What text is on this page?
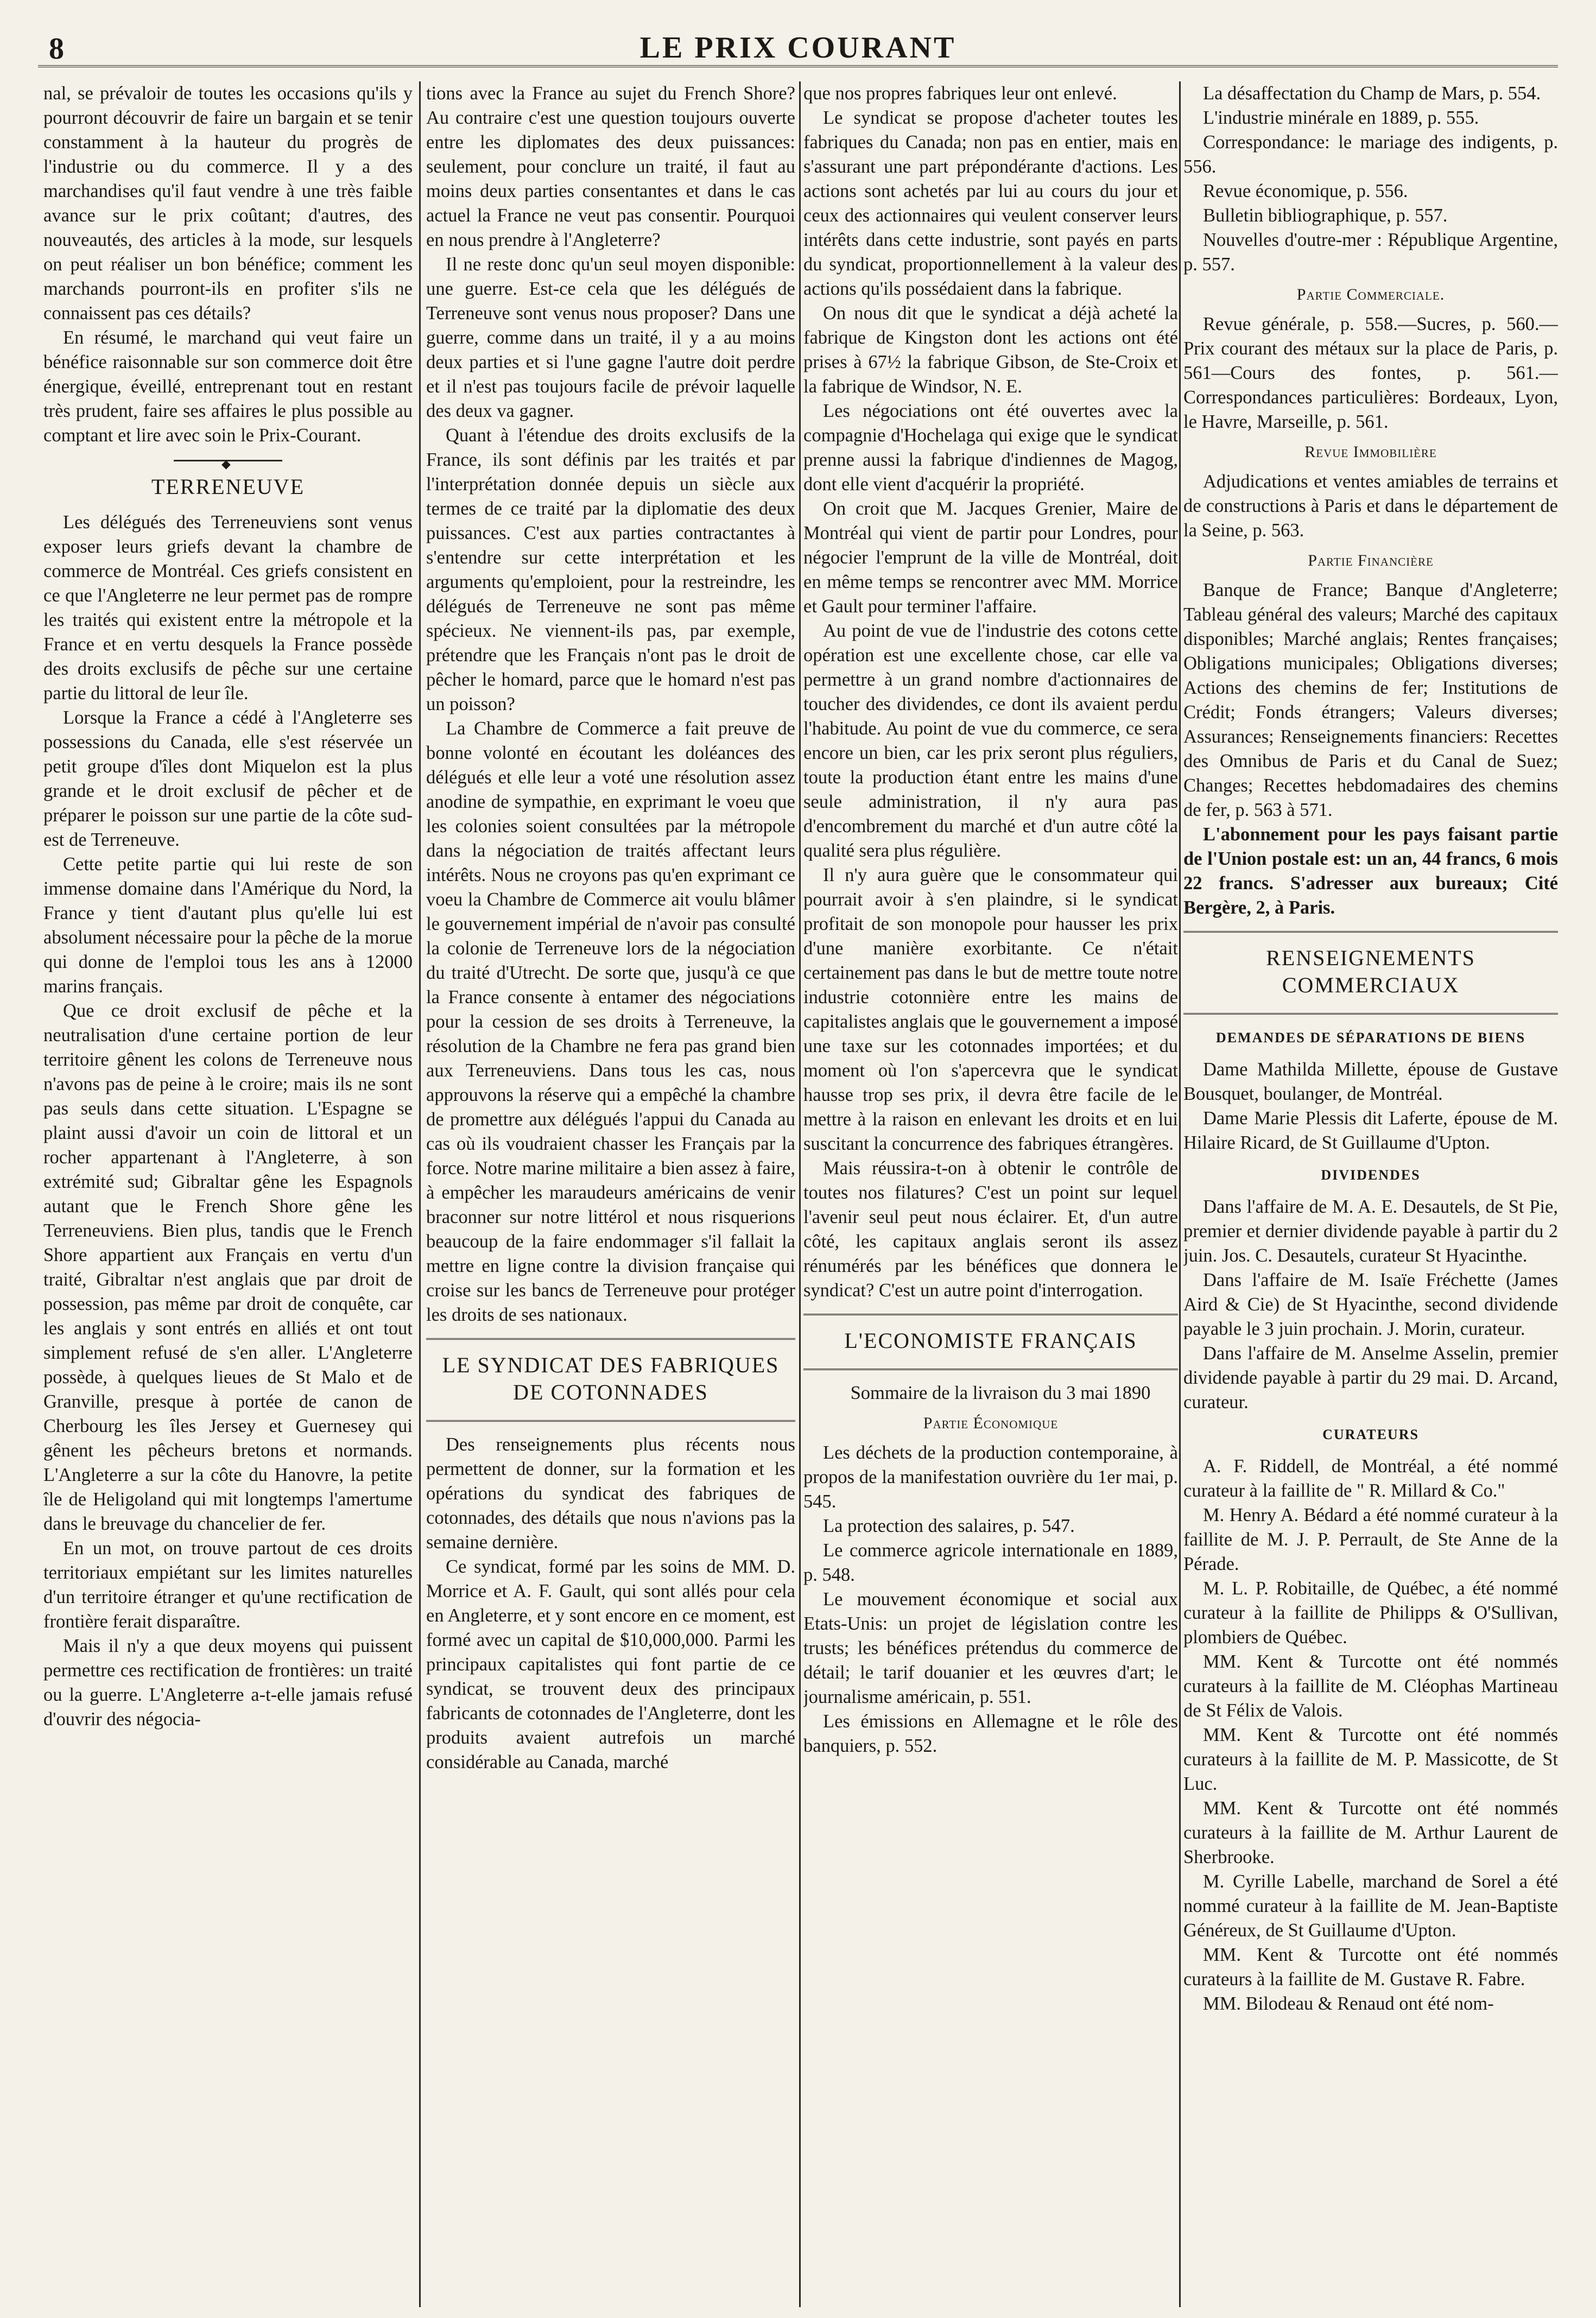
8	LE PRIX COURANT

nal, se prévaloir de toutes les occasions qu'ils y pourront découvrir de faire un bargain et se tenir constamment à la hauteur du progrès de l'industrie ou du commerce. Il y a des marchandises qu'il faut vendre à une très faible avance sur le prix coûtant; d'autres, des nouveautés, des articles à la mode, sur lesquels on peut réaliser un bon bénéfice; comment les marchands pourront-ils en profiter s'ils ne connaissent pas ces détails?

En résumé, le marchand qui veut faire un bénéfice raisonnable sur son commerce doit être énergique, éveillé, entreprenant tout en restant très prudent, faire ses affaires le plus possible au comptant et lire avec soin le Prix-Courant.

◆
TERRENEUVE

Les délégués des Terreneuviens sont venus exposer leurs griefs devant la chambre de commerce de Montréal. Ces griefs consistent en ce que l'Angleterre ne leur permet pas de rompre les traités qui existent entre la métropole et la France et en vertu desquels la France possède des droits exclusifs de pêche sur une certaine partie du littoral de leur île.

Lorsque la France a cédé à l'Angleterre ses possessions du Canada, elle s'est réservée un petit groupe d'îles dont Miquelon est la plus grande et le droit exclusif de pêcher et de préparer le poisson sur une partie de la côte sud-est de Terreneuve.

Cette petite partie qui lui reste de son immense domaine dans l'Amérique du Nord, la France y tient d'autant plus qu'elle lui est absolument nécessaire pour la pêche de la morue qui donne de l'emploi tous les ans à 12000 marins français.

Que ce droit exclusif de pêche et la neutralisation d'une certaine portion de leur territoire gênent les colons de Terreneuve nous n'avons pas de peine à le croire; mais ils ne sont pas seuls dans cette situation. L'Espagne se plaint aussi d'avoir un coin de littoral et un rocher appartenant à l'Angleterre, à son extrémité sud; Gibraltar gêne les Espagnols autant que le French Shore gêne les Terreneuviens. Bien plus, tandis que le French Shore appartient aux Français en vertu d'un traité, Gibraltar n'est anglais que par droit de possession, pas même par droit de conquête, car les anglais y sont entrés en alliés et ont tout simplement refusé de s'en aller. L'Angleterre possède, à quelques lieues de St Malo et de Granville, presque à portée de canon de Cherbourg les îles Jersey et Guernesey qui gênent les pêcheurs bretons et normands. L'Angleterre a sur la côte du Hanovre, la petite île de Heligoland qui mit longtemps l'amertume dans le breuvage du chancelier de fer.

En un mot, on trouve partout de ces droits territoriaux empiétant sur les limites naturelles d'un territoire étranger et qu'une rectification de frontière ferait disparaître.

Mais il n'y a que deux moyens qui puissent permettre ces rectification de frontières: un traité ou la guerre. L'Angleterre a-t-elle jamais refusé d'ouvrir des négocia-

tions avec la France au sujet du French Shore? Au contraire c'est une question toujours ouverte entre les diplomates des deux puissances: seulement, pour conclure un traité, il faut au moins deux parties consentantes et dans le cas actuel la France ne veut pas consentir. Pourquoi en nous prendre à l'Angleterre?

Il ne reste donc qu'un seul moyen disponible: une guerre. Est-ce cela que les délégués de Terreneuve sont venus nous proposer? Dans une guerre, comme dans un traité, il y a au moins deux parties et si l'une gagne l'autre doit perdre et il n'est pas toujours facile de prévoir laquelle des deux va gagner.

Quant à l'étendue des droits exclusifs de la France, ils sont définis par les traités et par l'interprétation donnée depuis un siècle aux termes de ce traité par la diplomatie des deux puissances. C'est aux parties contractantes à s'entendre sur cette interprétation et les arguments qu'emploient, pour la restreindre, les délégués de Terreneuve ne sont pas même spécieux. Ne viennent-ils pas, par exemple, prétendre que les Français n'ont pas le droit de pêcher le homard, parce que le homard n'est pas un poisson?

La Chambre de Commerce a fait preuve de bonne volonté en écoutant les doléances des délégués et elle leur a voté une résolution assez anodine de sympathie, en exprimant le voeu que les colonies soient consultées par la métropole dans la négociation de traités affectant leurs intérêts. Nous ne croyons pas qu'en exprimant ce voeu la Chambre de Commerce ait voulu blâmer le gouvernement impérial de n'avoir pas consulté la colonie de Terreneuve lors de la négociation du traité d'Utrecht. De sorte que, jusqu'à ce que la France consente à entamer des négociations pour la cession de ses droits à Terreneuve, la résolution de la Chambre ne fera pas grand bien aux Terreneuviens. Dans tous les cas, nous approuvons la réserve qui a empêché la chambre de promettre aux délégués l'appui du Canada au cas où ils voudraient chasser les Français par la force. Notre marine militaire a bien assez à faire, à empêcher les maraudeurs américains de venir braconner sur notre littérol et nous risquerions beaucoup de la faire endommager s'il fallait la mettre en ligne contre la division française qui croise sur les bancs de Terreneuve pour protéger les droits de ses nationaux.

LE SYNDICAT DES FABRIQUES DE COTONNADES

Des renseignements plus récents nous permettent de donner, sur la formation et les opérations du syndicat des fabriques de cotonnades, des détails que nous n'avions pas la semaine dernière.

Ce syndicat, formé par les soins de MM. D. Morrice et A. F. Gault, qui sont allés pour cela en Angleterre, et y sont encore en ce moment, est formé avec un capital de $10,000,000. Parmi les principaux capitalistes qui font partie de ce syndicat, se trouvent deux des principaux fabricants de cotonnades de l'Angleterre, dont les produits avaient autrefois un marché considérable au Canada, marché

que nos propres fabriques leur ont enlevé.

Le syndicat se propose d'acheter toutes les fabriques du Canada; non pas en entier, mais en s'assurant une part prépondérante d'actions. Les actions sont achetés par lui au cours du jour et ceux des actionnaires qui veulent conserver leurs intérêts dans cette industrie, sont payés en parts du syndicat, proportionnellement à la valeur des actions qu'ils possédaient dans la fabrique.

On nous dit que le syndicat a déjà acheté la fabrique de Kingston dont les actions ont été prises à 67½ la fabrique Gibson, de Ste-Croix et la fabrique de Windsor, N. E.

Les négociations ont été ouvertes avec la compagnie d'Hochelaga qui exige que le syndicat prenne aussi la fabrique d'indiennes de Magog, dont elle vient d'acquérir la propriété.

On croit que M. Jacques Grenier, Maire de Montréal qui vient de partir pour Londres, pour négocier l'emprunt de la ville de Montréal, doit en même temps se rencontrer avec MM. Morrice et Gault pour terminer l'affaire.

Au point de vue de l'industrie des cotons cette opération est une excellente chose, car elle va permettre à un grand nombre d'actionnaires de toucher des dividendes, ce dont ils avaient perdu l'habitude. Au point de vue du commerce, ce sera encore un bien, car les prix seront plus réguliers, toute la production étant entre les mains d'une seule administration, il n'y aura pas d'encombrement du marché et d'un autre côté la qualité sera plus régulière.

Il n'y aura guère que le consommateur qui pourrait avoir à s'en plaindre, si le syndicat profitait de son monopole pour hausser les prix d'une manière exorbitante. Ce n'était certainement pas dans le but de mettre toute notre industrie cotonnière entre les mains de capitalistes anglais que le gouvernement a imposé une taxe sur les cotonnades importées; et du moment où l'on s'apercevra que le syndicat hausse trop ses prix, il devra être facile de le mettre à la raison en enlevant les droits et en lui suscitant la concurrence des fabriques étrangères.

Mais réussira-t-on à obtenir le contrôle de toutes nos filatures? C'est un point sur lequel l'avenir seul peut nous éclairer. Et, d'un autre côté, les capitaux anglais seront ils assez rénumérés par les bénéfices que donnera le syndicat? C'est un autre point d'interrogation.

L'ECONOMISTE FRANÇAIS

Sommaire de la livraison du 3 mai 1890

Partie Économique

Les déchets de la production contemporaine, à propos de la manifestation ouvrière du 1er mai, p. 545.

La protection des salaires, p. 547.

Le commerce agricole internationale en 1889, p. 548.

Le mouvement économique et social aux Etats-Unis: un projet de législation contre les trusts; les bénéfices prétendus du commerce de détail; le tarif douanier et les œuvres d'art; le journalisme américain, p. 551.

Les émissions en Allemagne et le rôle des banquiers, p. 552.

La désaffectation du Champ de Mars, p. 554.

L'industrie minérale en 1889, p. 555.

Correspondance: le mariage des indigents, p. 556.

Revue économique, p. 556.

Bulletin bibliographique, p. 557.

Nouvelles d'outre-mer : République Argentine, p. 557.

Partie Commerciale.

Revue générale, p. 558.—Sucres, p. 560.—Prix courant des métaux sur la place de Paris, p. 561—Cours des fontes, p. 561.—Correspondances particulières: Bordeaux, Lyon, le Havre, Marseille, p. 561.

Revue Immobilière

Adjudications et ventes amiables de terrains et de constructions à Paris et dans le département de la Seine, p. 563.

Partie Financière

Banque de France; Banque d'Angleterre; Tableau général des valeurs; Marché des capitaux disponibles; Marché anglais; Rentes françaises; Obligations municipales; Obligations diverses; Actions des chemins de fer; Institutions de Crédit; Fonds étrangers; Valeurs diverses; Assurances; Renseignements financiers: Recettes des Omnibus de Paris et du Canal de Suez; Changes; Recettes hebdomadaires des chemins de fer, p. 563 à 571.

L'abonnement pour les pays faisant partie de l'Union postale est: un an, 44 francs, 6 mois 22 francs. S'adresser aux bureaux; Cité Bergère, 2, à Paris.

RENSEIGNEMENTS COMMERCIAUX
DEMANDES DE SÉPARATIONS DE BIENS

Dame Mathilda Millette, épouse de Gustave Bousquet, boulanger, de Montréal.

Dame Marie Plessis dit Laferte, épouse de M. Hilaire Ricard, de St Guillaume d'Upton.

DIVIDENDES

Dans l'affaire de M. A. E. Desautels, de St Pie, premier et dernier dividende payable à partir du 2 juin. Jos. C. Desautels, curateur St Hyacinthe.

Dans l'affaire de M. Isaïe Fréchette (James Aird & Cie) de St Hyacinthe, second dividende payable le 3 juin prochain. J. Morin, curateur.

Dans l'affaire de M. Anselme Asselin, premier dividende payable à partir du 29 mai. D. Arcand, curateur.

CURATEURS

A. F. Riddell, de Montréal, a été nommé curateur à la faillite de " R. Millard & Co."

M. Henry A. Bédard a été nommé curateur à la faillite de M. J. P. Perrault, de Ste Anne de la Pérade.

M. L. P. Robitaille, de Québec, a été nommé curateur à la faillite de Philipps & O'Sullivan, plombiers de Québec.

MM. Kent & Turcotte ont été nommés curateurs à la faillite de M. Cléophas Martineau de St Félix de Valois.

MM. Kent & Turcotte ont été nommés curateurs à la faillite de M. P. Massicotte, de St Luc.

MM. Kent & Turcotte ont été nommés curateurs à la faillite de M. Arthur Laurent de Sherbrooke.

M. Cyrille Labelle, marchand de Sorel a été nommé curateur à la faillite de M. Jean-Baptiste Généreux, de St Guillaume d'Upton.

MM. Kent & Turcotte ont été nommés curateurs à la faillite de M. Gustave R. Fabre.

MM. Bilodeau & Renaud ont été nom-
